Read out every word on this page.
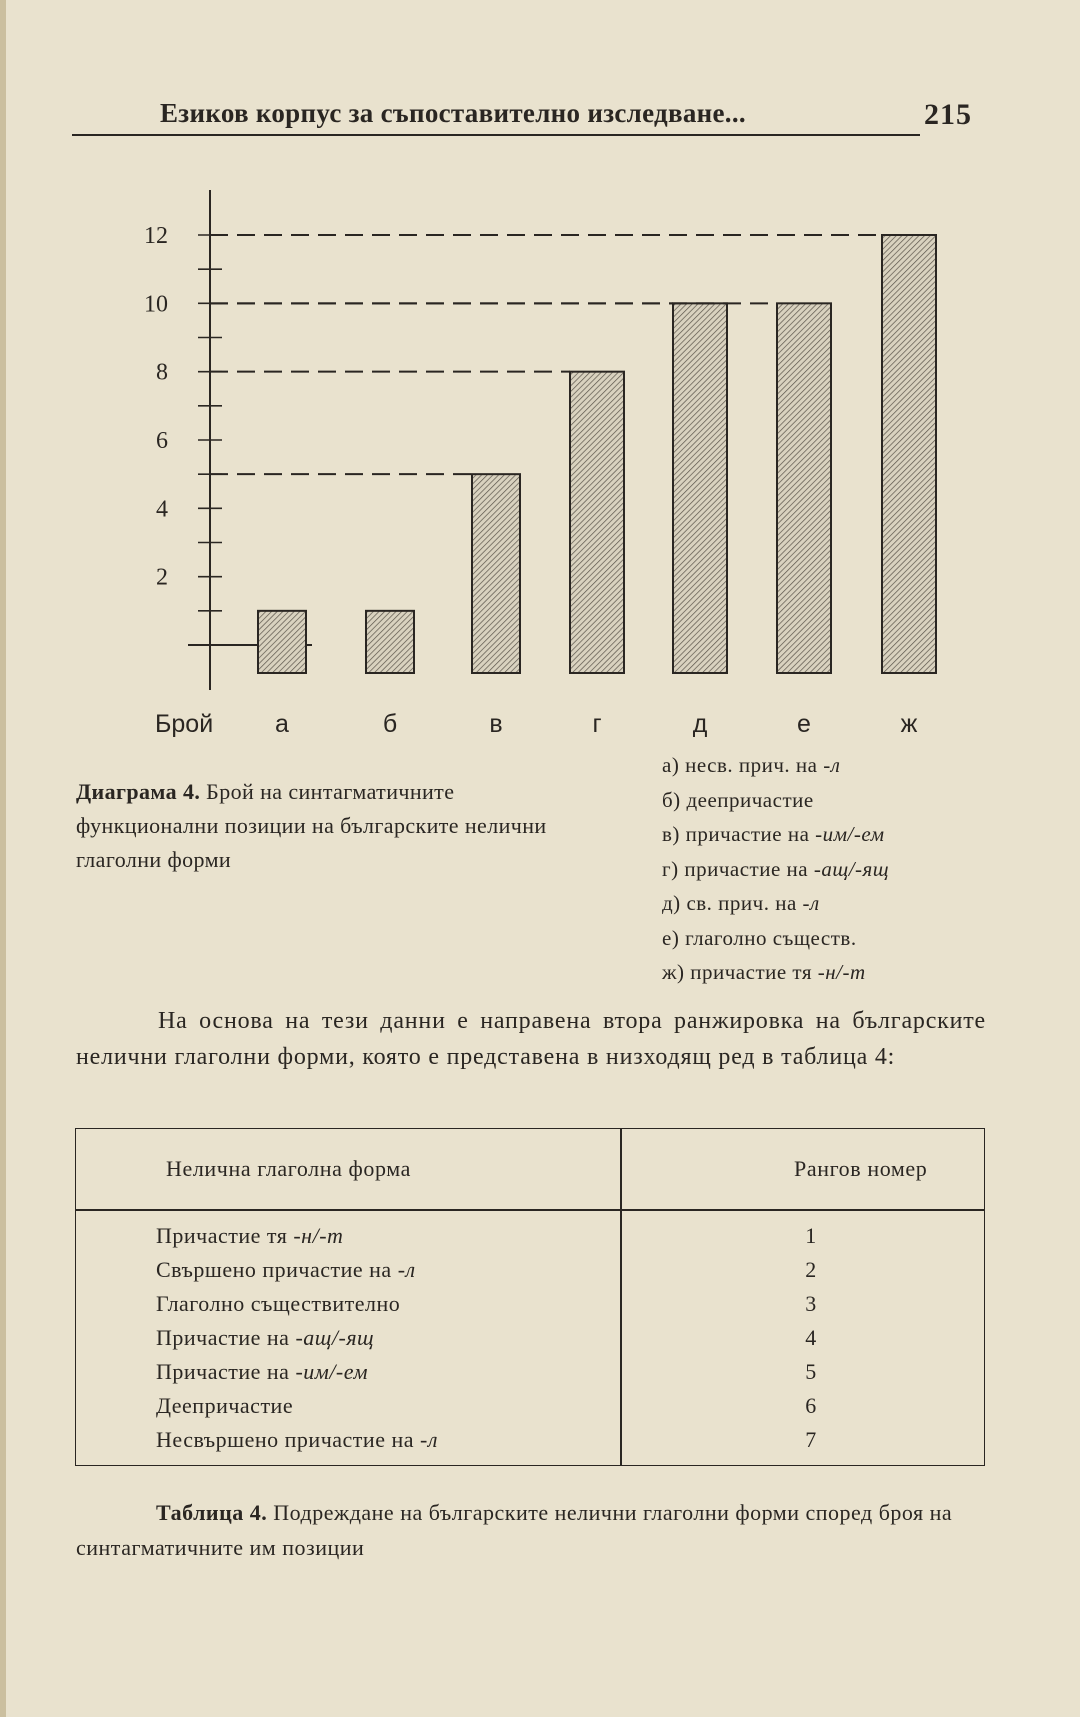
Езиков корпус за съпоставително изследване...	215
2
4
6
8
10
12
а	б	в	г	д	е	ж
Брой
Диаграма 4. Брой на синтагматичните функционални позиции на българските нелични глаголни форми
а) несв. прич. на -л
б) деепричастие
в) причастие на -им/-ем
г) причастие на -ащ/-ящ
д) св. прич. на -л
е) глаголно съществ.
ж) причастие тя -н/-т
На основа на тези данни е направена втора ранжировка на българските нелични глаголни форми, която е представена в низходящ ред в таблица 4:
Нелична глаголна форма	Рангов номер
Причастие тя -н/-т	1
Свършено причастие на -л	2
Глаголно съществително	3
Причастие на -ащ/-ящ	4
Причастие на -им/-ем	5
Деепричастие	6
Несвършено причастие на -л	7
Таблица 4. Подреждане на българските нелични глаголни форми според броя на синтагматичните им позиции
